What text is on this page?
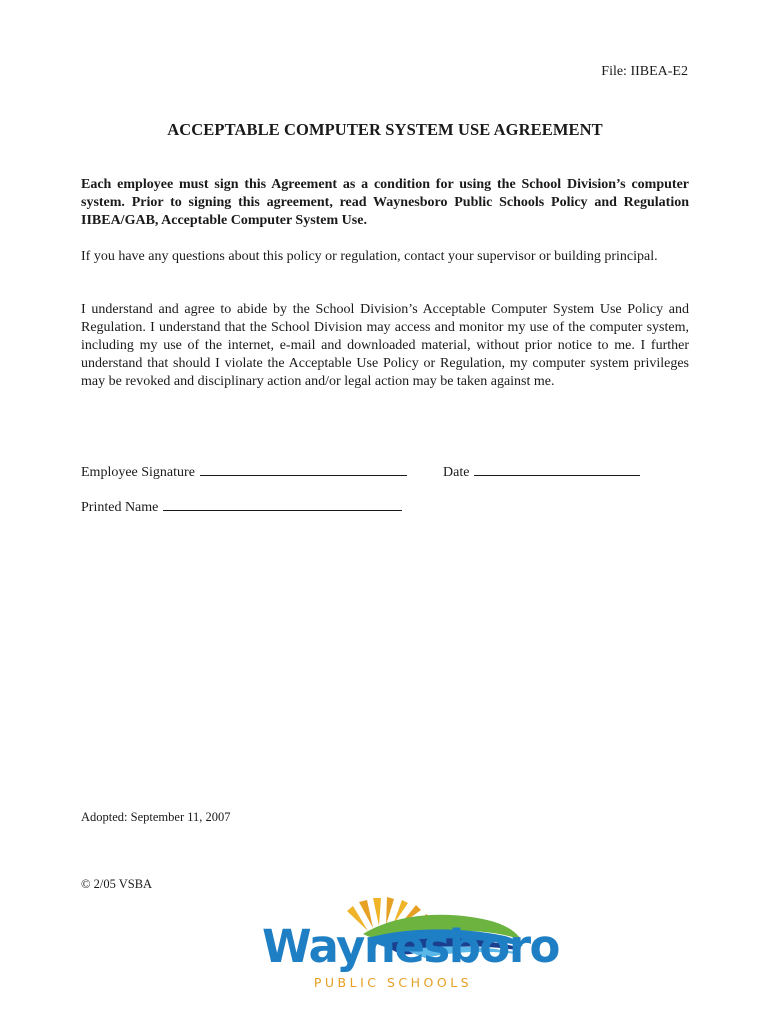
File: IIBEA-E2
ACCEPTABLE COMPUTER SYSTEM USE AGREEMENT
Each employee must sign this Agreement as a condition for using the School Division’s computer system. Prior to signing this agreement, read Waynesboro Public Schools Policy and Regulation IIBEA/GAB, Acceptable Computer System Use.
If you have any questions about this policy or regulation, contact your supervisor or building principal.
I understand and agree to abide by the School Division’s Acceptable Computer System Use Policy and Regulation. I understand that the School Division may access and monitor my use of the computer system, including my use of the internet, e-mail and downloaded material, without prior notice to me. I further understand that should I violate the Acceptable Use Policy or Regulation, my computer system privileges may be revoked and disciplinary action and/or legal action may be taken against me.
Employee Signature	Date
Printed Name
Adopted: September 11, 2007
© 2/05 VSBA
Waynesboro
PUBLIC SCHOOLS
